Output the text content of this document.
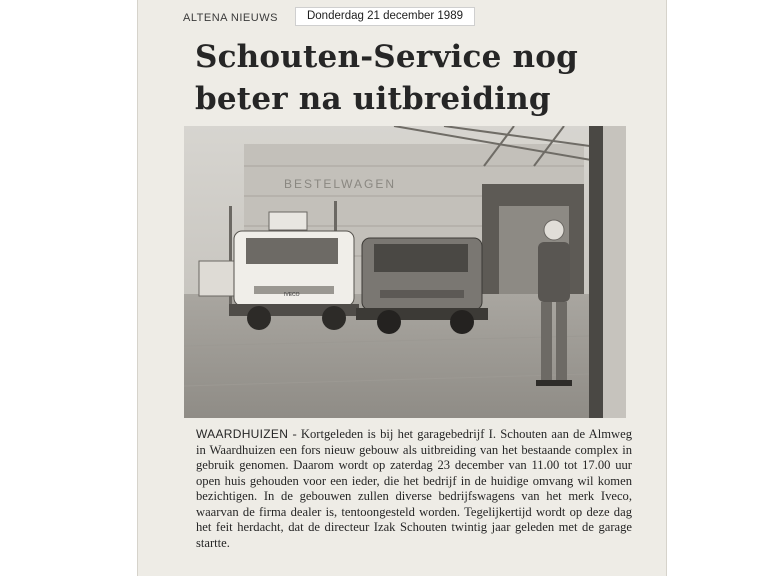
ALTENA NIEUWS	Donderdag 21 december 1989
Schouten-Service nog beter na uitbreiding
BESTELWAGEN
IVECO
WAARDHUIZEN - Kortgeleden is bij het garagebedrijf I. Schouten aan de Almweg in Waardhuizen een fors nieuw gebouw als uitbreiding van het bestaande complex in gebruik genomen. Daarom wordt op zaterdag 23 december van 11.00 tot 17.00 uur open huis gehouden voor een ieder, die het bedrijf in de huidige omvang wil komen bezichtigen. In de gebouwen zullen diverse bedrijfswagens van het merk Iveco, waarvan de firma dealer is, tentoongesteld worden. Tegelijkertijd wordt op deze dag het feit herdacht, dat de directeur Izak Schouten twintig jaar geleden met de garage startte.
